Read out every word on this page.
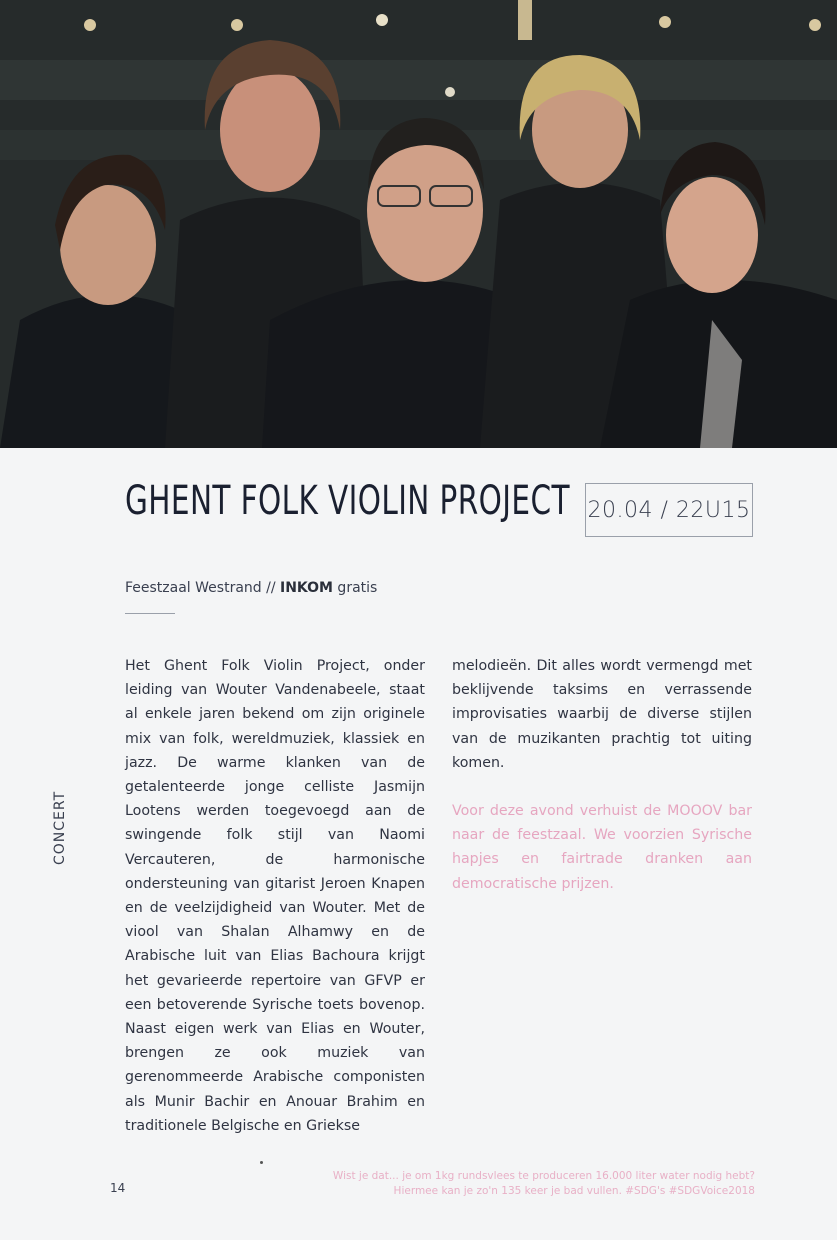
GHENT FOLK VIOLIN PROJECT 20.04 / 22U15
Feestzaal Westrand // INKOM gratis
CONCERT

Het Ghent Folk Violin Project, onder leiding van Wouter Vandenabeele, staat al enkele jaren bekend om zijn originele mix van folk, wereldmuziek, klassiek en jazz. De warme klanken van de getalenteerde jonge celliste Jasmijn Lootens werden toegevoegd aan de swingende folk stijl van Naomi Vercauteren, de harmonische ondersteuning van gitarist Jeroen Knapen en de veelzijdigheid van Wouter. Met de viool van Shalan Alhamwy en de Arabische luit van Elias Bachoura krijgt het gevarieerde repertoire van GFVP er een betoverende Syrische toets bovenop. Naast eigen werk van Elias en Wouter, brengen ze ook muziek van gerenommeerde Arabische componisten als Munir Bachir en Anouar Brahim en traditionele Belgische en Griekse

melodieën. Dit alles wordt vermengd met beklijvende taksims en verrassende improvisaties waarbij de diverse stijlen van de muzikanten prachtig tot uiting komen.

Voor deze avond verhuist de MOOOV bar naar de feestzaal. We voorzien Syrische hapjes en fairtrade dranken aan democratische prijzen.

14

Wist je dat... je om 1kg rundsvlees te produceren 16.000 liter water nodig hebt?

Hiermee kan je zo'n 135 keer je bad vullen. #SDG's #SDGVoice2018
